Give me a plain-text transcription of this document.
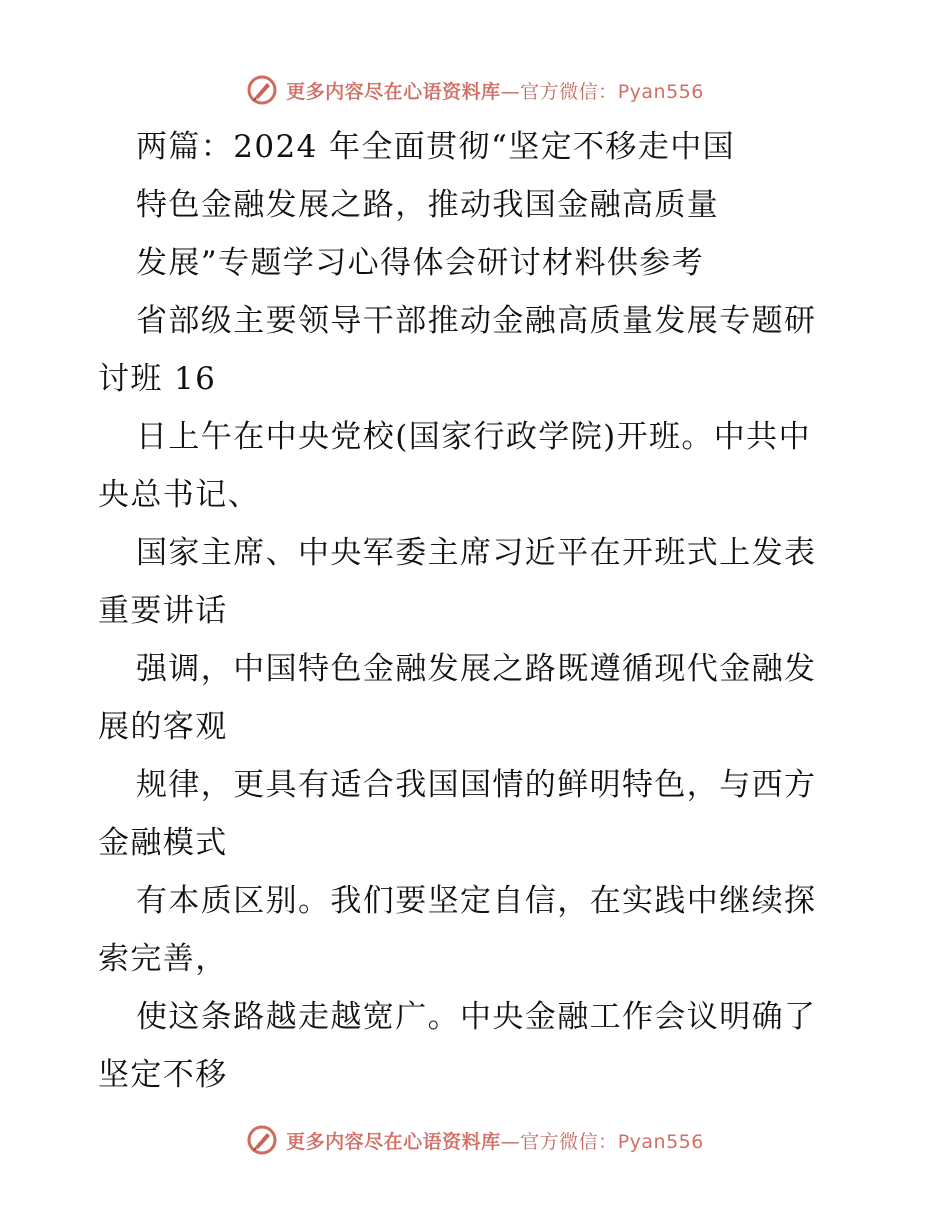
更多内容尽在心语资料库—官方微信：Pyan556
两篇：2024 年全面贯彻“坚定不移走中国
特色金融发展之路，推动我国金融高质量
发展”专题学习心得体会研讨材料供参考
省部级主要领导干部推动金融高质量发展专题研
讨班 16
日上午在中央党校(国家行政学院)开班。中共中
央总书记、
国家主席、中央军委主席习近平在开班式上发表
重要讲话
强调，中国特色金融发展之路既遵循现代金融发
展的客观
规律，更具有适合我国国情的鲜明特色，与西方
金融模式
有本质区别。我们要坚定自信，在实践中继续探
索完善，
使这条路越走越宽广。中央金融工作会议明确了
坚定不移
更多内容尽在心语资料库—官方微信：Pyan556
